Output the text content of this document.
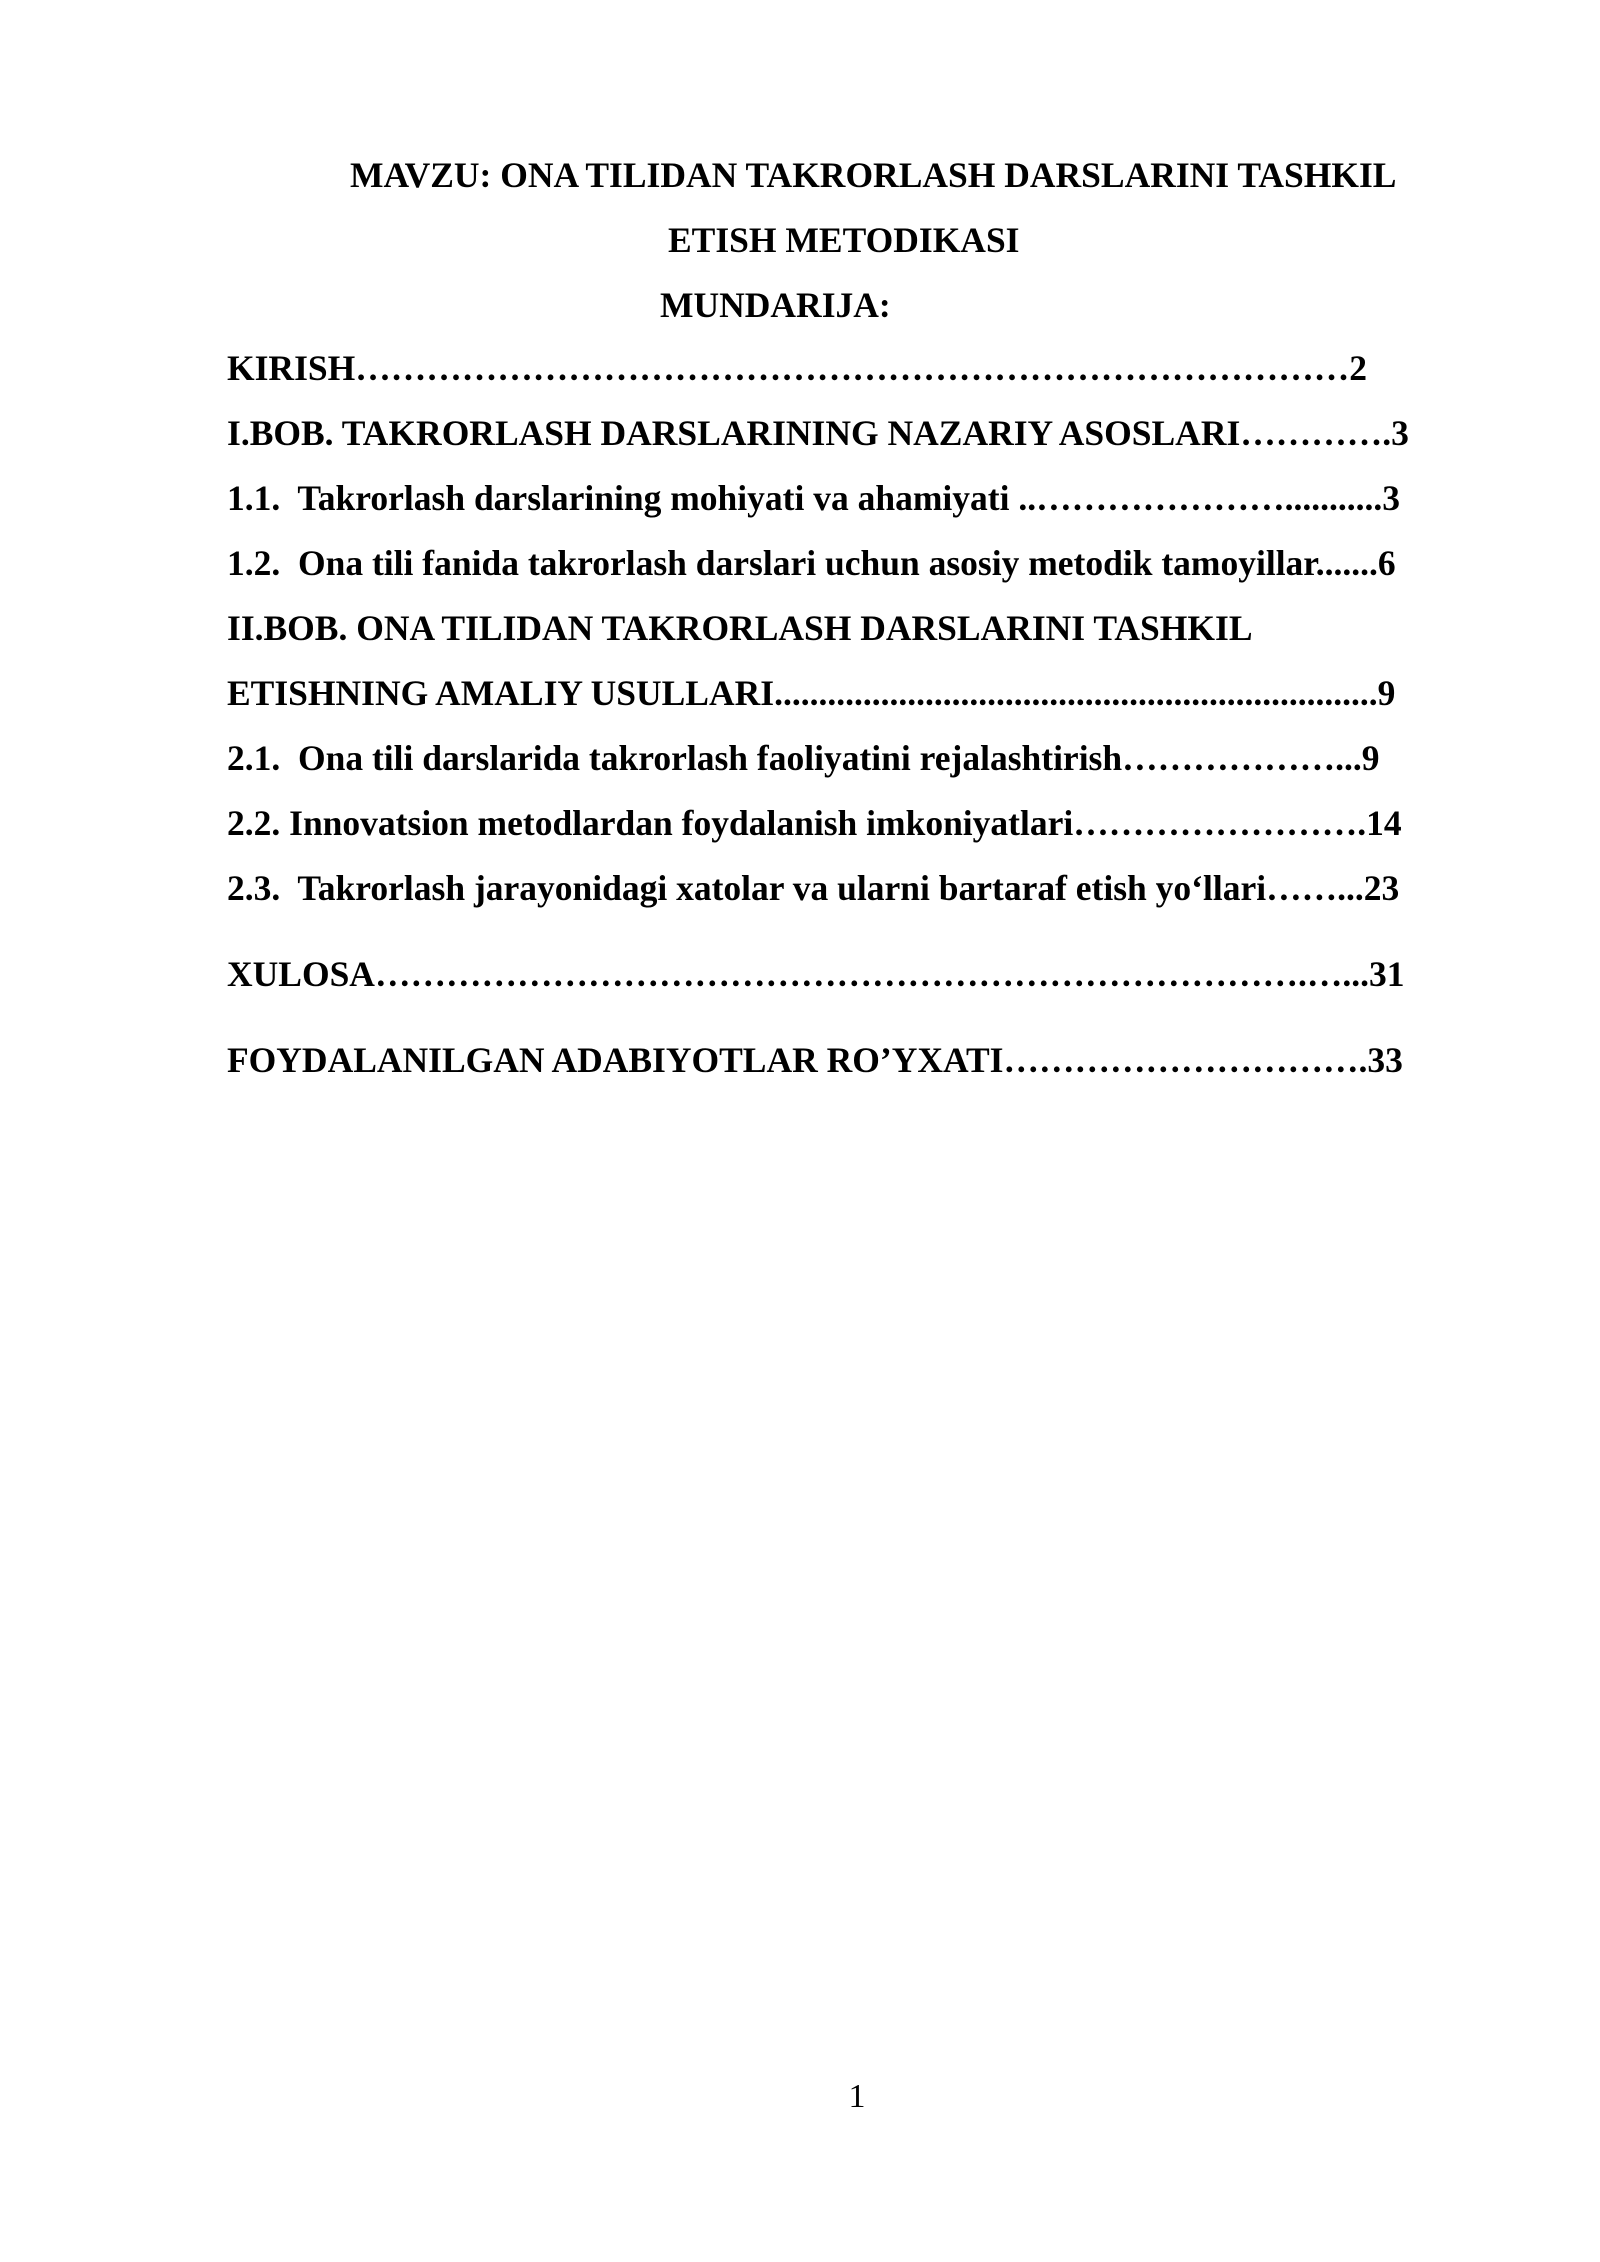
MAVZU: ONA TILIDAN TAKRORLASH DARSLARINI TASHKIL
ETISH METODIKASI
MUNDARIJA:
KIRISH…………………………………………………………………………2
I.BOB. TAKRORLASH DARSLARINING NAZARIY ASOSLARI………….3
1.1.  Takrorlash darslarining mohiyati va ahamiyati ..…………………...........3
1.2.  Ona tili fanida takrorlash darslari uchun asosiy metodik tamoyillar.......6
II.BOB. ONA TILIDAN TAKRORLASH DARSLARINI TASHKIL
ETISHNING AMALIY USULLARI....................................................................9
2.1.  Ona tili darslarida takrorlash faoliyatini rejalashtirish………………...9
2.2. Innovatsion metodlardan foydalanish imkoniyatlari…………………….14
2.3.  Takrorlash jarayonidagi xatolar va ularni bartaraf etish yo‘llari……...23
XULOSA…………………………………………………………………….…...31
FOYDALANILGAN ADABIYOTLAR RO’YXATI………………………….33
1
